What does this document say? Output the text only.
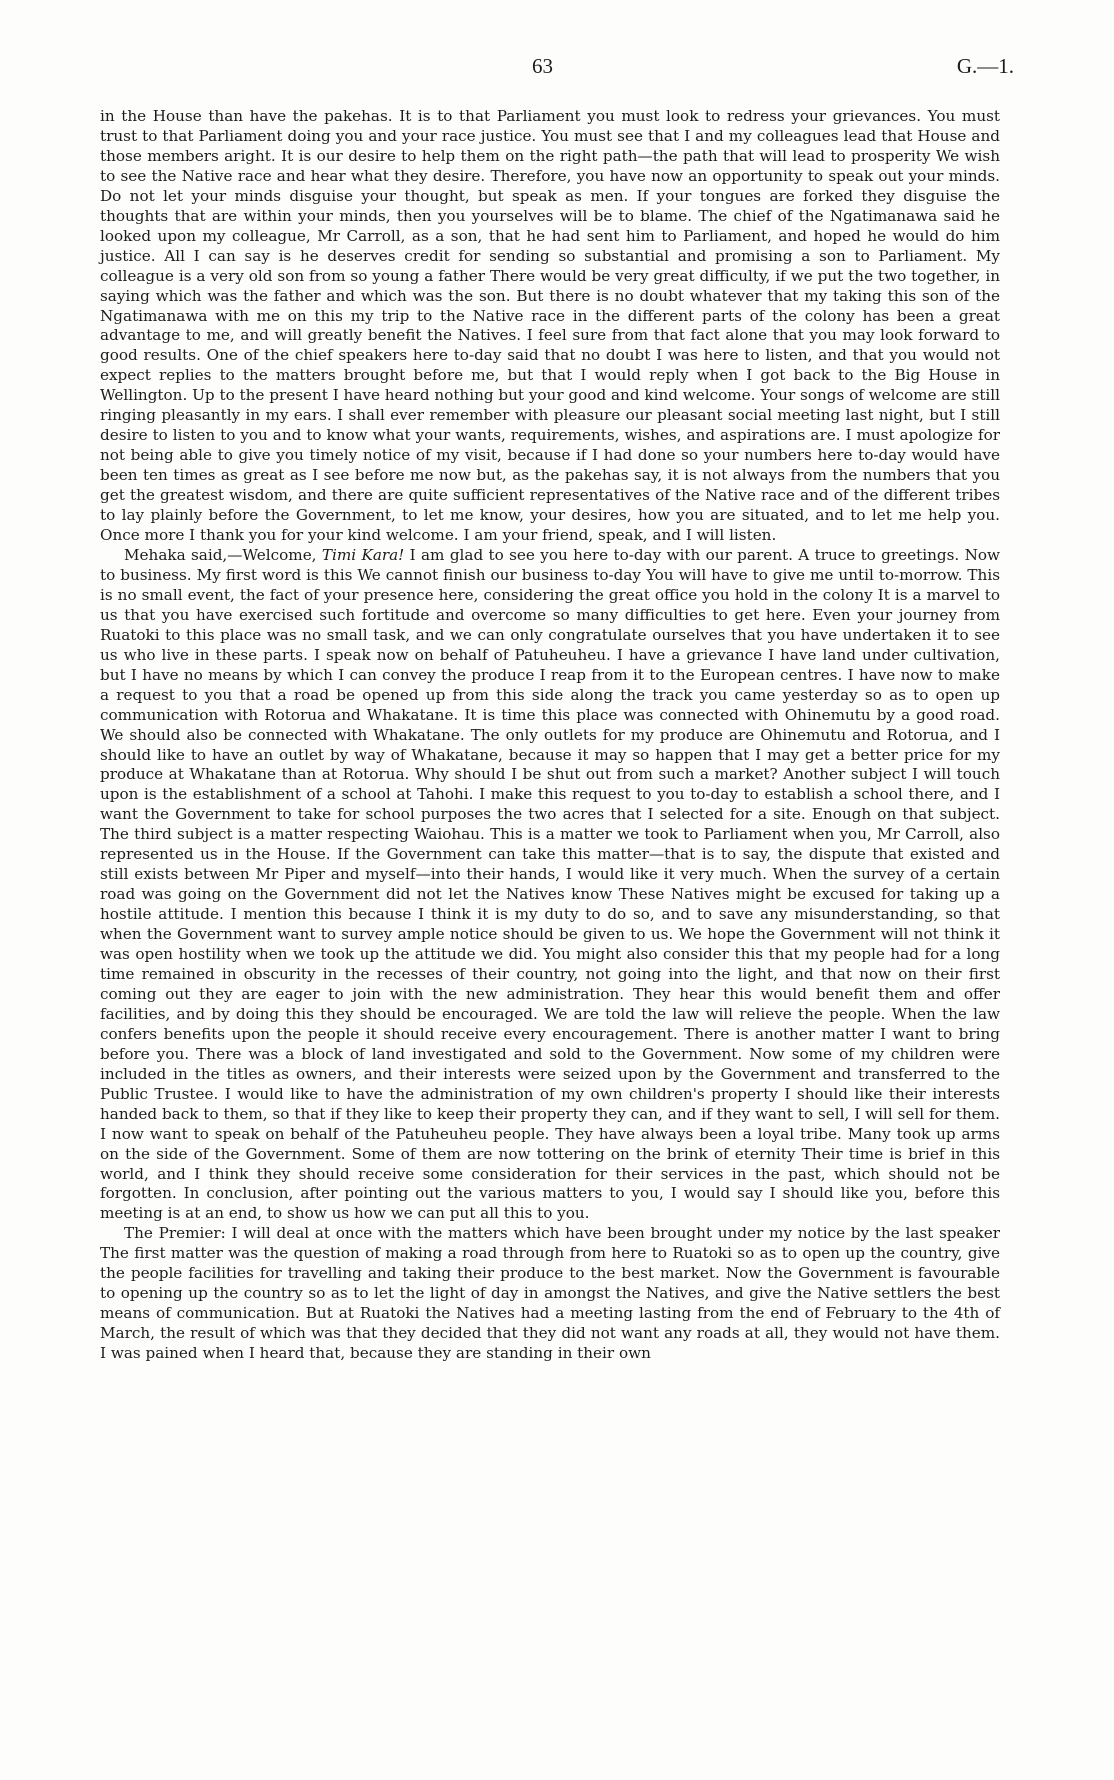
63	G.—1.

in the House than have the pakehas. It is to that Parliament you must look to redress your grievances. You must trust to that Parliament doing you and your race justice. You must see that I and my colleagues lead that House and those members aright. It is our desire to help them on the right path—the path that will lead to prosperity We wish to see the Native race and hear what they desire. Therefore, you have now an opportunity to speak out your minds. Do not let your minds disguise your thought, but speak as men. If your tongues are forked they disguise the thoughts that are within your minds, then you yourselves will be to blame. The chief of the Ngatimanawa said he looked upon my colleague, Mr Carroll, as a son, that he had sent him to Parliament, and hoped he would do him justice. All I can say is he deserves credit for sending so substantial and promising a son to Parliament. My colleague is a very old son from so young a father There would be very great difficulty, if we put the two together, in saying which was the father and which was the son. But there is no doubt whatever that my taking this son of the Ngatimanawa with me on this my trip to the Native race in the different parts of the colony has been a great advantage to me, and will greatly benefit the Natives. I feel sure from that fact alone that you may look forward to good results. One of the chief speakers here to-day said that no doubt I was here to listen, and that you would not expect replies to the matters brought before me, but that I would reply when I got back to the Big House in Wellington. Up to the present I have heard nothing but your good and kind welcome. Your songs of welcome are still ringing pleasantly in my ears. I shall ever remember with pleasure our pleasant social meeting last night, but I still desire to listen to you and to know what your wants, requirements, wishes, and aspirations are. I must apologize for not being able to give you timely notice of my visit, because if I had done so your numbers here to-day would have been ten times as great as I see before me now but, as the pakehas say, it is not always from the numbers that you get the greatest wisdom, and there are quite sufficient representatives of the Native race and of the different tribes to lay plainly before the Government, to let me know, your desires, how you are situated, and to let me help you. Once more I thank you for your kind welcome. I am your friend, speak, and I will listen.

Mehaka said,—Welcome, Timi Kara! I am glad to see you here to-day with our parent. A truce to greetings. Now to business. My first word is this We cannot finish our business to-day You will have to give me until to-morrow. This is no small event, the fact of your presence here, considering the great office you hold in the colony It is a marvel to us that you have exercised such fortitude and overcome so many difficulties to get here. Even your journey from Ruatoki to this place was no small task, and we can only congratulate ourselves that you have undertaken it to see us who live in these parts. I speak now on behalf of Patuheuheu. I have a grievance I have land under cultivation, but I have no means by which I can convey the produce I reap from it to the European centres. I have now to make a request to you that a road be opened up from this side along the track you came yesterday so as to open up communication with Rotorua and Whakatane. It is time this place was connected with Ohinemutu by a good road. We should also be connected with Whakatane. The only outlets for my produce are Ohinemutu and Rotorua, and I should like to have an outlet by way of Whakatane, because it may so happen that I may get a better price for my produce at Whakatane than at Rotorua. Why should I be shut out from such a market? Another subject I will touch upon is the establishment of a school at Tahohi. I make this request to you to-day to establish a school there, and I want the Government to take for school purposes the two acres that I selected for a site. Enough on that subject. The third subject is a matter respecting Waiohau. This is a matter we took to Parliament when you, Mr Carroll, also represented us in the House. If the Government can take this matter—that is to say, the dispute that existed and still exists between Mr Piper and myself—into their hands, I would like it very much. When the survey of a certain road was going on the Government did not let the Natives know These Natives might be excused for taking up a hostile attitude. I mention this because I think it is my duty to do so, and to save any misunderstanding, so that when the Government want to survey ample notice should be given to us. We hope the Government will not think it was open hostility when we took up the attitude we did. You might also consider this that my people had for a long time remained in obscurity in the recesses of their country, not going into the light, and that now on their first coming out they are eager to join with the new administration. They hear this would benefit them and offer facilities, and by doing this they should be encouraged. We are told the law will relieve the people. When the law confers benefits upon the people it should receive every encouragement. There is another matter I want to bring before you. There was a block of land investigated and sold to the Government. Now some of my children were included in the titles as owners, and their interests were seized upon by the Government and transferred to the Public Trustee. I would like to have the administration of my own children's property I should like their interests handed back to them, so that if they like to keep their property they can, and if they want to sell, I will sell for them. I now want to speak on behalf of the Patuheuheu people. They have always been a loyal tribe. Many took up arms on the side of the Government. Some of them are now tottering on the brink of eternity Their time is brief in this world, and I think they should receive some consideration for their services in the past, which should not be forgotten. In conclusion, after pointing out the various matters to you, I would say I should like you, before this meeting is at an end, to show us how we can put all this to you.

The Premier: I will deal at once with the matters which have been brought under my notice by the last speaker The first matter was the question of making a road through from here to Ruatoki so as to open up the country, give the people facilities for travelling and taking their produce to the best market. Now the Government is favourable to opening up the country so as to let the light of day in amongst the Natives, and give the Native settlers the best means of communication. But at Ruatoki the Natives had a meeting lasting from the end of February to the 4th of March, the result of which was that they decided that they did not want any roads at all, they would not have them. I was pained when I heard that, because they are standing in their own
